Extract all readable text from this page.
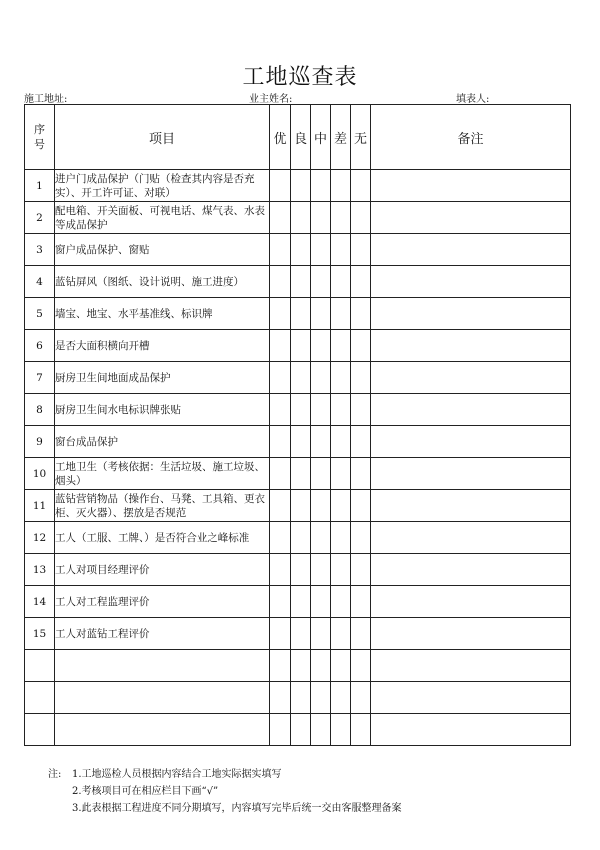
工地巡查表
施工地址:	业主姓名:	填表人:
序
号	项目	优	良	中	差	无	备注
1	进户门成品保护（门贴（检查其内容是否充实）、开工许可证、对联）						
2	配电箱、开关面板、可视电话、煤气表、水表等成品保护						
3	窗户成品保护、窗贴						
4	蓝钻屏风（图纸、设计说明、施工进度）						
5	墙宝、地宝、水平基准线、标识牌						
6	是否大面积横向开槽						
7	厨房卫生间地面成品保护						
8	厨房卫生间水电标识牌张贴						
9	窗台成品保护						
10	工地卫生（考核依据：生活垃圾、施工垃圾、烟头）						
11	蓝钻营销物品（操作台、马凳、工具箱、更衣柜、灭火器）、摆放是否规范						
12	工人（工服、工牌、）是否符合业之峰标准						
13	工人对项目经理评价						
14	工人对工程监理评价						
15	工人对蓝钻工程评价						

注: 1.工地巡检人员根据内容结合工地实际据实填写
2.考核项目可在相应栏目下画“√”
3.此表根据工程进度不同分期填写，内容填写完毕后统一交由客服整理备案
